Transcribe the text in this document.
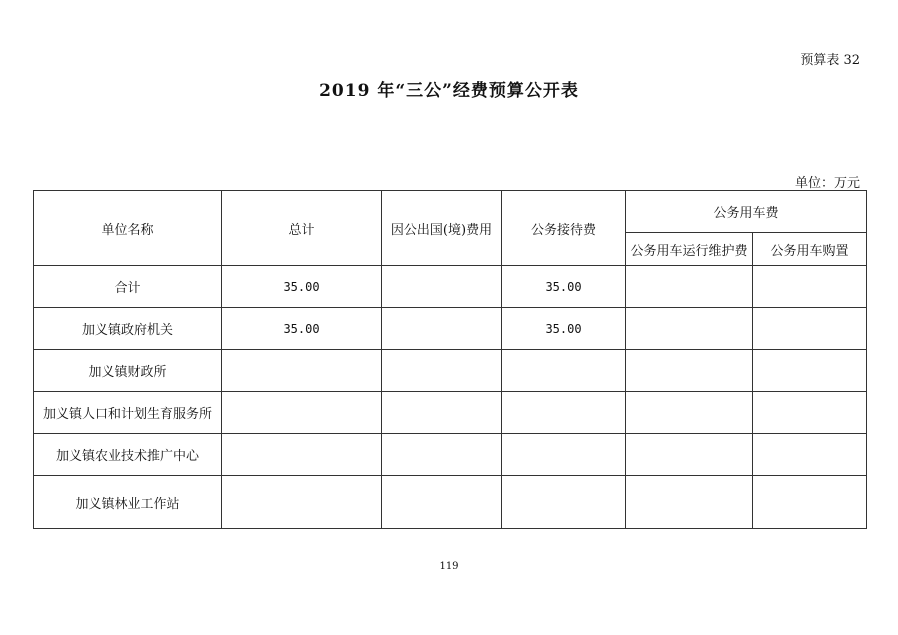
预算表 32
2019 年“三公”经费预算公开表
单位：万元
单位名称	总计	因公出国(境)费用	公务接待费	公务用车费	
				公务用车运行维护费	公务用车购置
合计	35.00		35.00		
加义镇政府机关	35.00		35.00		
加义镇财政所					
加义镇人口和计划生育服务所					
加义镇农业技术推广中心					
加义镇林业工作站					
119
